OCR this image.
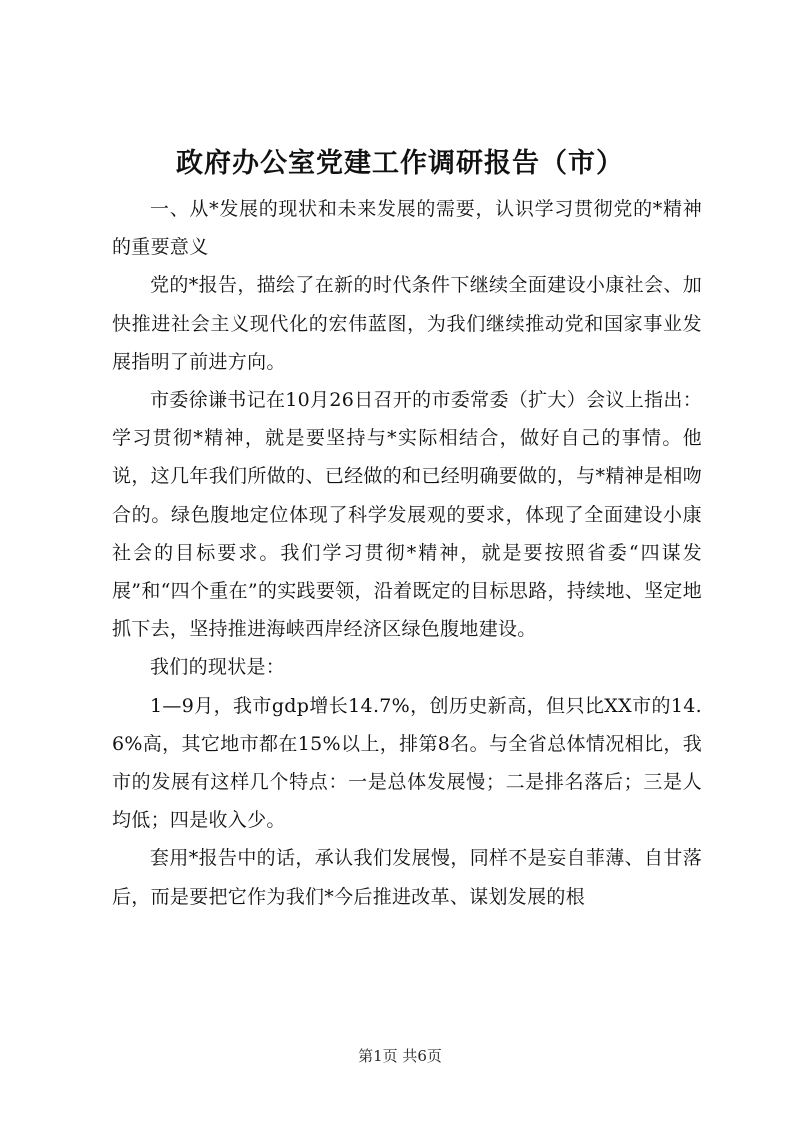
政府办公室党建工作调研报告（市）

一、从*发展的现状和未来发展的需要，认识学习贯彻党的*精神的重要意义

党的*报告，描绘了在新的时代条件下继续全面建设小康社会、加快推进社会主义现代化的宏伟蓝图，为我们继续推动党和国家事业发展指明了前进方向。

市委徐谦书记在10月26日召开的市委常委（扩大）会议上指出：学习贯彻*精神，就是要坚持与*实际相结合，做好自己的事情。他说，这几年我们所做的、已经做的和已经明确要做的，与*精神是相吻合的。绿色腹地定位体现了科学发展观的要求，体现了全面建设小康社会的目标要求。我们学习贯彻*精神，就是要按照省委“四谋发展”和“四个重在”的实践要领，沿着既定的目标思路，持续地、坚定地抓下去，坚持推进海峡西岸经济区绿色腹地建设。

我们的现状是：

1—9月，我市gdp增长14.7%，创历史新高，但只比XX市的14.6%高，其它地市都在15%以上，排第8名。与全省总体情况相比，我市的发展有这样几个特点：一是总体发展慢；二是排名落后；三是人均低；四是收入少。

套用*报告中的话，承认我们发展慢，同样不是妄自菲薄、自甘落后，而是要把它作为我们*今后推进改革、谋划发展的根

第1页 共6页
